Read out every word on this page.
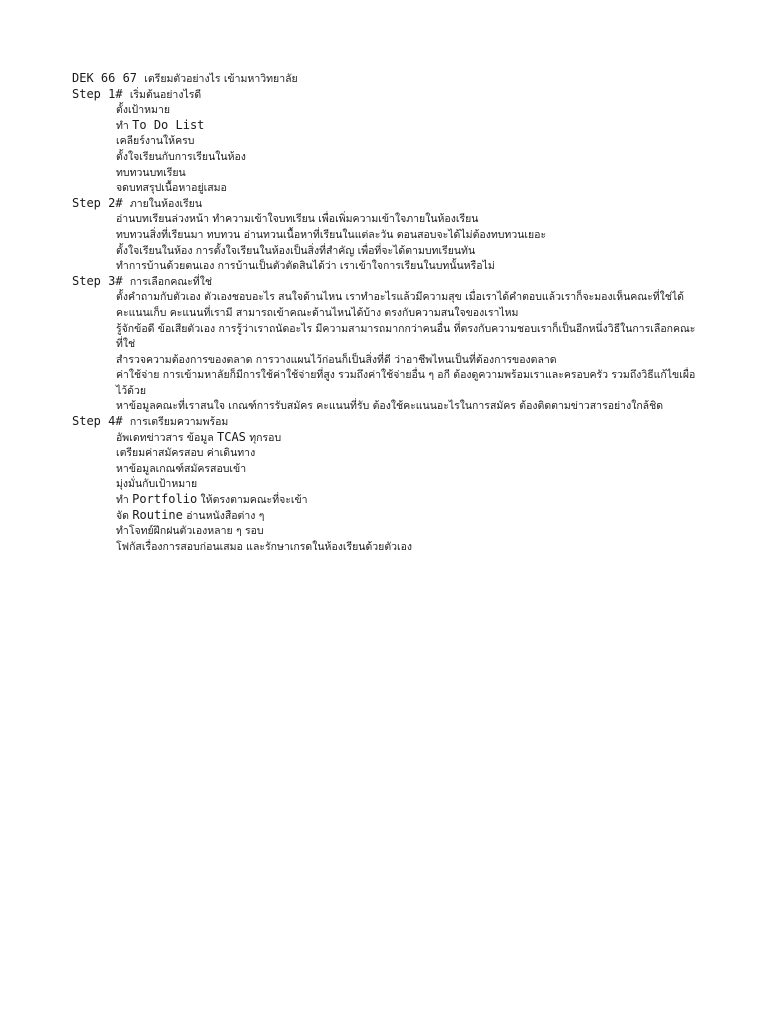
DEK 66 67 เตรียมตัวอย่างไร เข้ามหาวิทยาลัย
Step 1# เริ่มต้นอย่างไรดี
ตั้งเป้าหมาย
ทำ To Do List
เคลียร์งานให้ครบ
ตั้งใจเรียนกับการเรียนในห้อง
ทบทวนบทเรียน
จดบทสรุปเนื้อหาอยู่เสมอ
Step 2# ภายในห้องเรียน
อ่านบทเรียนล่วงหน้า ทำความเข้าใจบทเรียน เพื่อเพิ่มความเข้าใจภายในห้องเรียน
ทบทวนสิ่งที่เรียนมา ทบทวน อ่านทวนเนื้อหาที่เรียนในแต่ละวัน ตอนสอบจะได้ไม่ต้องทบทวนเยอะ
ตั้งใจเรียนในห้อง การตั้งใจเรียนในห้องเป็นสิ่งที่สำคัญ เพื่อที่จะได้ตามบทเรียนทัน
ทำการบ้านด้วยตนเอง การบ้านเป็นตัวตัดสินได้ว่า เราเข้าใจการเรียนในบทนั้นหรือไม่
Step 3# การเลือกคณะที่ใช่
ตั้งคำถามกับตัวเอง ตัวเองชอบอะไร สนใจด้านไหน เราทำอะไรแล้วมีความสุข เมื่อเราได้คำตอบแล้วเราก็จะมองเห็นคณะที่ใช่ได้
คะแนนเก็บ คะแนนที่เรามี สามารถเข้าคณะด้านไหนได้บ้าง ตรงกับความสนใจของเราไหม
รู้จักข้อดี ข้อเสียตัวเอง การรู้ว่าเราถนัดอะไร มีความสามารถมากกว่าคนอื่น ที่ตรงกับความชอบเราก็เป็นอีกหนึ่งวิธีในการเลือกคณะที่ใช่
สำรวจความต้องการของตลาด การวางแผนไว้ก่อนก็เป็นสิ่งที่ดี ว่าอาชีพไหนเป็นที่ต้องการของตลาด
ค่าใช้จ่าย การเข้ามหาลัยก็มีการใช้ค่าใช้จ่ายที่สูง รวมถึงค่าใช้จ่ายอื่น ๆ อกี ต้องดูความพร้อมเราและครอบครัว รวมถึงวิธีแก้ไขเผื่อไว้ด้วย
หาข้อมูลคณะที่เราสนใจ เกณฑ์การรับสมัคร คะแนนที่รับ ต้องใช้คะแนนอะไรในการสมัคร ต้องติดตามข่าวสารอย่างใกล้ชิด
Step 4# การเตรียมความพร้อม
อัพเดทข่าวสาร ข้อมูล TCAS ทุกรอบ
เตรียมค่าสมัครสอบ ค่าเดินทาง
หาข้อมูลเกณฑ์สมัครสอบเข้า
มุ่งมั่นกับเป้าหมาย
ทำ Portfolio ให้ตรงตามคณะที่จะเข้า
จัด Routine อ่านหนังสือต่าง ๆ
ทำโจทย์ฝึกฝนตัวเองหลาย ๆ รอบ
โฟกัสเรื่องการสอบก่อนเสมอ และรักษาเกรดในห้องเรียนด้วยตัวเอง
